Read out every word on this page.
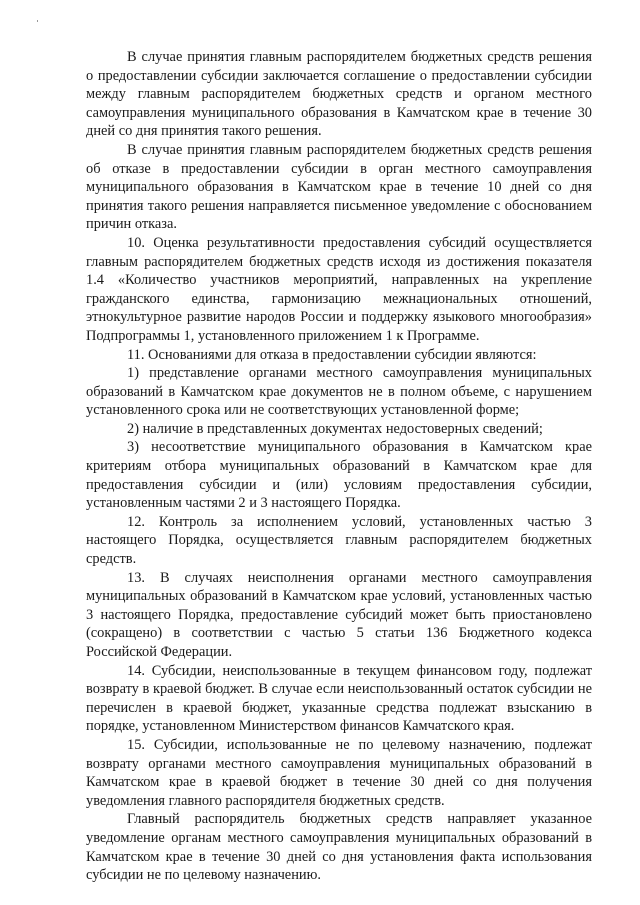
В случае принятия главным распорядителем бюджетных средств решения о предоставлении субсидии заключается соглашение о предоставлении субсидии между главным распорядителем бюджетных средств и органом местного самоуправления муниципального образования в Камчатском крае в течение 30 дней со дня принятия такого решения.

В случае принятия главным распорядителем бюджетных средств решения об отказе в предоставлении субсидии в орган местного самоуправления муниципального образования в Камчатском крае в течение 10 дней со дня принятия такого решения направляется письменное уведомление с обоснованием причин отказа.

10. Оценка результативности предоставления субсидий осуществляется главным распорядителем бюджетных средств исходя из достижения показателя 1.4 «Количество участников мероприятий, направленных на укрепление гражданского единства, гармонизацию межнациональных отношений, этнокультурное развитие народов России и поддержку языкового многообразия» Подпрограммы 1, установленного приложением 1 к Программе.

11. Основаниями для отказа в предоставлении субсидии являются:

1) представление органами местного самоуправления муниципальных образований в Камчатском крае документов не в полном объеме, с нарушением установленного срока или не соответствующих установленной форме;

2) наличие в представленных документах недостоверных сведений;

3) несоответствие муниципального образования в Камчатском крае критериям отбора муниципальных образований в Камчатском крае для предоставления субсидии и (или) условиям предоставления субсидии, установленным частями 2 и 3 настоящего Порядка.

12. Контроль за исполнением условий, установленных частью 3 настоящего Порядка, осуществляется главным распорядителем бюджетных средств.

13. В случаях неисполнения органами местного самоуправления муниципальных образований в Камчатском крае условий, установленных частью 3 настоящего Порядка, предоставление субсидий может быть приостановлено (сокращено) в соответствии с частью 5 статьи 136 Бюджетного кодекса Российской Федерации.

14. Субсидии, неиспользованные в текущем финансовом году, подлежат возврату в краевой бюджет. В случае если неиспользованный остаток субсидии не перечислен в краевой бюджет, указанные средства подлежат взысканию в порядке, установленном Министерством финансов Камчатского края.

15. Субсидии, использованные не по целевому назначению, подлежат возврату органами местного самоуправления муниципальных образований в Камчатском крае в краевой бюджет в течение 30 дней со дня получения уведомления главного распорядителя бюджетных средств.

Главный распорядитель бюджетных средств направляет указанное уведомление органам местного самоуправления муниципальных образований в Камчатском крае в течение 30 дней со дня установления факта использования субсидии не по целевому назначению.
